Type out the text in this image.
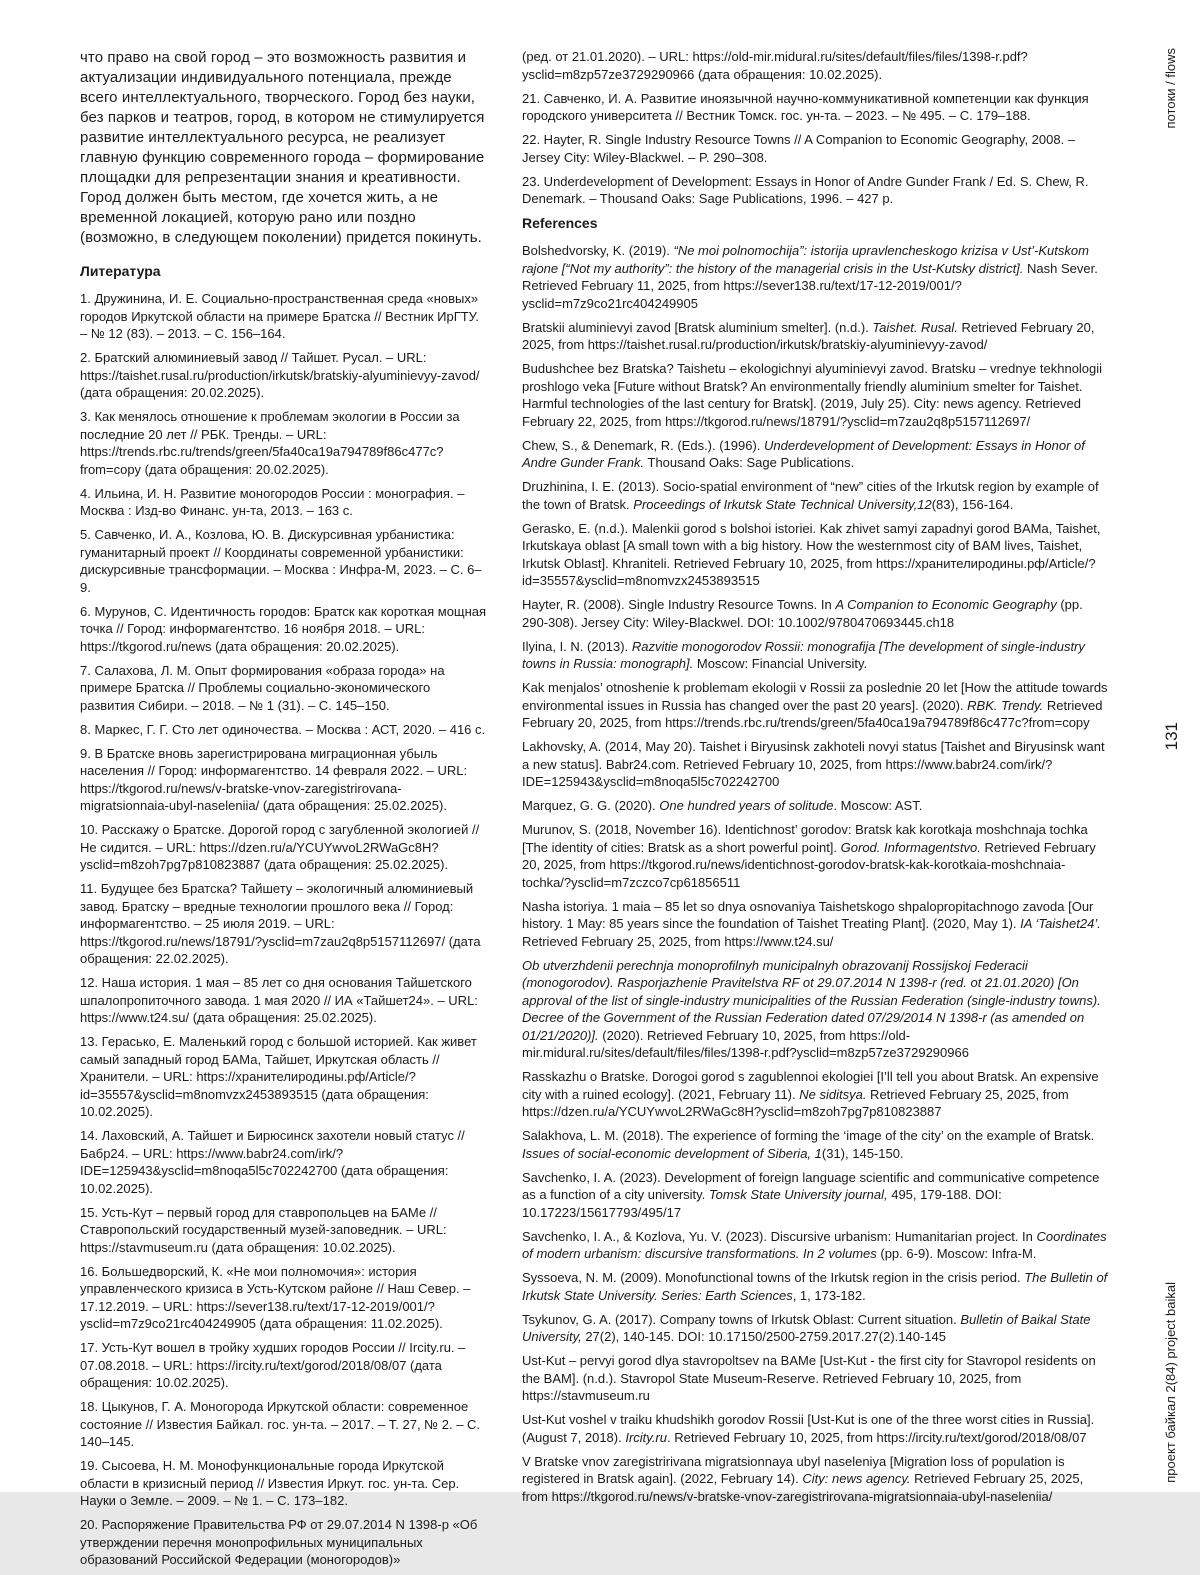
что право на свой город – это возможность развития и актуализации индивидуального потенциала, прежде всего интеллектуального, творческого. Город без науки, без парков и театров, город, в котором не стимулируется развитие интеллектуального ресурса, не реализует главную функцию современного города – формирование площадки для репрезентации знания и креативности. Город должен быть местом, где хочется жить, а не временной локацией, которую рано или поздно (возможно, в следующем поколении) придется покинуть.

Литература

1. Дружинина, И. Е. Социально-пространственная среда «новых» городов Иркутской области на примере Братска // Вестник ИрГТУ. – № 12 (83). – 2013. – С. 156–164.

2. Братский алюминиевый завод // Тайшет. Русал. – URL: https://taishet.rusal.ru/production/irkutsk/bratskiy-alyuminievyy-zavod/ (дата обращения: 20.02.2025).

3. Как менялось отношение к проблемам экологии в России за последние 20 лет // РБК. Тренды. – URL: https://trends.rbc.ru/trends/green/5fa40ca19a794789f86c477c?from=copy (дата обращения: 20.02.2025).

4. Ильина, И. Н. Развитие моногородов России : монография. – Москва : Изд-во Финанс. ун-та, 2013. – 163 с.

5. Савченко, И. А., Козлова, Ю. В. Дискурсивная урбанистика: гуманитарный проект // Координаты современной урбанистики: дискурсивные трансформации. – Москва : Инфра-М, 2023. – С. 6–9.

6. Мурунов, С. Идентичность городов: Братск как короткая мощная точка // Город: информагентство. 16 ноября 2018. – URL: https://tkgorod.ru/news (дата обращения: 20.02.2025).

7. Салахова, Л. М. Опыт формирования «образа города» на примере Братска // Проблемы социально-экономического развития Сибири. – 2018. – № 1 (31). – С. 145–150.

8. Маркес, Г. Г. Сто лет одиночества. – Москва : АСТ, 2020. – 416 с.

9. В Братске вновь зарегистрирована миграционная убыль населения // Город: информагентство. 14 февраля 2022. – URL: https://tkgorod.ru/news/v-bratske-vnov-zaregistrirovana-migratsionnaia-ubyl-naseleniia/ (дата обращения: 25.02.2025).

10. Расскажу о Братске. Дорогой город с загубленной экологией // Не сидится. – URL: https://dzen.ru/a/YCUYwvoL2RWaGc8H?ysclid=m8zoh7pg7p810823887 (дата обращения: 25.02.2025).

11. Будущее без Братска? Тайшету – экологичный алюминиевый завод. Братску – вредные технологии прошлого века // Город: информагентство. – 25 июля 2019. – URL: https://tkgorod.ru/news/18791/?ysclid=m7zau2q8p5157112697/ (дата обращения: 22.02.2025).

12. Наша история. 1 мая – 85 лет со дня основания Тайшетского шпалопропиточного завода. 1 мая 2020 // ИА «Тайшет24». – URL: https://www.t24.su/ (дата обращения: 25.02.2025).

13. Герасько, Е. Маленький город с большой историей. Как живет самый западный город БАМа, Тайшет, Иркутская область // Хранители. – URL: https://хранителиродины.рф/Article/?id=35557&ysclid=m8nomvzx2453893515 (дата обращения: 10.02.2025).

14. Лаховский, А. Тайшет и Бирюсинск захотели новый статус // Бабр24. – URL: https://www.babr24.com/irk/?IDE=125943&ysclid=m8noqa5l5c702242700 (дата обращения: 10.02.2025).

15. Усть-Кут – первый город для ставропольцев на БАМе // Ставропольский государственный музей-заповедник. – URL: https://stavmuseum.ru (дата обращения: 10.02.2025).

16. Большедворский, К. «Не мои полномочия»: история управленческого кризиса в Усть-Кутском районе // Наш Север. – 17.12.2019. – URL: https://sever138.ru/text/17-12-2019/001/?ysclid=m7z9co21rc404249905 (дата обращения: 11.02.2025).

17. Усть-Кут вошел в тройку худших городов России // Ircity.ru. – 07.08.2018. – URL: https://ircity.ru/text/gorod/2018/08/07 (дата обращения: 10.02.2025).

18. Цыкунов, Г. А. Моногорода Иркутской области: современное состояние // Известия Байкал. гос. ун-та. – 2017. – Т. 27, № 2. – С. 140–145.

19. Сысоева, Н. М. Монофункциональные города Иркутской области в кризисный период // Известия Иркут. гос. ун-та. Сер. Науки о Земле. – 2009. – № 1. – С. 173–182.

20. Распоряжение Правительства РФ от 29.07.2014 N 1398-р «Об утверждении перечня монопрофильных муниципальных образований Российской Федерации (моногородов)»

(ред. от 21.01.2020). – URL: https://old-mir.midural.ru/sites/default/files/files/1398-r.pdf?ysclid=m8zp57ze3729290966 (дата обращения: 10.02.2025).

21. Савченко, И. А. Развитие иноязычной научно-коммуникативной компетенции как функция городского университета // Вестник Томск. гос. ун-та. – 2023. – № 495. – С. 179–188.

22. Hayter, R. Single Industry Resource Towns // A Companion to Economic Geography, 2008. – Jersey City: Wiley-Blackwel. – P. 290–308.

23. Underdevelopment of Development: Essays in Honor of Andre Gunder Frank / Ed. S. Chew, R. Denemark. – Thousand Oaks: Sage Publications, 1996. – 427 p.

References

Bolshedvorsky, K. (2019). “Ne moi polnomochija”: istorija upravlencheskogo krizisa v Ust’-Kutskom rajone [“Not my authority”: the history of the managerial crisis in the Ust-Kutsky district]. Nash Sever. Retrieved February 11, 2025, from https://sever138.ru/text/17-12-2019/001/?ysclid=m7z9co21rc404249905

Bratskii aluminievyi zavod [Bratsk aluminium smelter]. (n.d.). Taishet. Rusal. Retrieved February 20, 2025, from https://taishet.rusal.ru/production/irkutsk/bratskiy-alyuminievyy-zavod/

Budushchee bez Bratska? Taishetu – ekologichnyi alyuminievyi zavod. Bratsku – vrednye tekhnologii proshlogo veka [Future without Bratsk? An environmentally friendly aluminium smelter for Taishet. Harmful technologies of the last century for Bratsk]. (2019, July 25). City: news agency. Retrieved February 22, 2025, from https://tkgorod.ru/news/18791/?ysclid=m7zau2q8p5157112697/

Chew, S., & Denemark, R. (Eds.). (1996). Underdevelopment of Development: Essays in Honor of Andre Gunder Frank. Thousand Oaks: Sage Publications.

Druzhinina, I. E. (2013). Socio-spatial environment of “new” cities of the Irkutsk region by example of the town of Bratsk. Proceedings of Irkutsk State Technical University,12(83), 156-164.

Gerasko, E. (n.d.). Malenkii gorod s bolshoi istoriei. Kak zhivet samyi zapadnyi gorod BAMa, Taishet, Irkutskaya oblast [A small town with a big history. How the westernmost city of BAM lives, Taishet, Irkutsk Oblast]. Khraniteli. Retrieved February 10, 2025, from https://хранителиродины.рф/Article/?id=35557&ysclid=m8nomvzx2453893515

Hayter, R. (2008). Single Industry Resource Towns. In A Companion to Economic Geography (pp. 290-308). Jersey City: Wiley-Blackwel. DOI: 10.1002/9780470693445.ch18

Ilyina, I. N. (2013). Razvitie monogorodov Rossii: monografija [The development of single-industry towns in Russia: monograph]. Moscow: Financial University.

Kak menjalos’ otnoshenie k problemam ekologii v Rossii za poslednie 20 let [How the attitude towards environmental issues in Russia has changed over the past 20 years]. (2020). RBK. Trendy. Retrieved February 20, 2025, from https://trends.rbc.ru/trends/green/5fa40ca19a794789f86c477c?from=copy

Lakhovsky, A. (2014, May 20). Taishet i Biryusinsk zakhoteli novyi status [Taishet and Biryusinsk want a new status]. Babr24.com. Retrieved February 10, 2025, from https://www.babr24.com/irk/?IDE=125943&ysclid=m8noqa5l5c702242700

Marquez, G. G. (2020). One hundred years of solitude. Moscow: AST.

Murunov, S. (2018, November 16). Identichnost’ gorodov: Bratsk kak korotkaja moshchnaja tochka [The identity of cities: Bratsk as a short powerful point]. Gorod. Informagentstvo. Retrieved February 20, 2025, from https://tkgorod.ru/news/identichnost-gorodov-bratsk-kak-korotkaia-moshchnaia-tochka/?ysclid=m7zczco7cp61856511

Nasha istoriya. 1 maia – 85 let so dnya osnovaniya Taishetskogo shpalopropitachnogo zavoda [Our history. 1 May: 85 years since the foundation of Taishet Treating Plant]. (2020, May 1). IA ‘Taishet24’. Retrieved February 25, 2025, from https://www.t24.su/

Ob utverzhdenii perechnja monoprofilnyh municipalnyh obrazovanij Rossijskoj Federacii (monogorodov). Rasporjazhenie Pravitelstva RF ot 29.07.2014 N 1398-r (red. ot 21.01.2020) [On approval of the list of single-industry municipalities of the Russian Federation (single-industry towns). Decree of the Government of the Russian Federation dated 07/29/2014 N 1398-r (as amended on 01/21/2020)]. (2020). Retrieved February 10, 2025, from https://old-mir.midural.ru/sites/default/files/files/1398-r.pdf?ysclid=m8zp57ze3729290966

Rasskazhu o Bratske. Dorogoi gorod s zagublennoi ekologiei [I’ll tell you about Bratsk. An expensive city with a ruined ecology]. (2021, February 11). Ne siditsya. Retrieved February 25, 2025, from https://dzen.ru/a/YCUYwvoL2RWaGc8H?ysclid=m8zoh7pg7p810823887

Salakhova, L. M. (2018). The experience of forming the ‘image of the city’ on the example of Bratsk. Issues of social-economic development of Siberia, 1(31), 145-150.

Savchenko, I. A. (2023). Development of foreign language scientific and communicative competence as a function of a city university. Tomsk State University journal, 495, 179-188. DOI: 10.17223/15617793/495/17

Savchenko, I. A., & Kozlova, Yu. V. (2023). Discursive urbanism: Humanitarian project. In Coordinates of modern urbanism: discursive transformations. In 2 volumes (pp. 6-9). Moscow: Infra-M.

Syssoeva, N. M. (2009). Monofunctional towns of the Irkutsk region in the crisis period. The Bulletin of Irkutsk State University. Series: Earth Sciences, 1, 173-182.

Tsykunov, G. A. (2017). Company towns of Irkutsk Oblast: Current situation. Bulletin of Baikal State University, 27(2), 140-145. DOI: 10.17150/2500-2759.2017.27(2).140-145

Ust-Kut – pervyi gorod dlya stavropoltsev na BAMe [Ust-Kut - the first city for Stavropol residents on the BAM]. (n.d.). Stavropol State Museum-Reserve. Retrieved February 10, 2025, from https://stavmuseum.ru

Ust-Kut voshel v traiku khudshikh gorodov Rossii [Ust-Kut is one of the three worst cities in Russia]. (August 7, 2018). Ircity.ru. Retrieved February 10, 2025, from https://ircity.ru/text/gorod/2018/08/07

V Bratske vnov zaregistririvana migratsionnaya ubyl naseleniya [Migration loss of population is registered in Bratsk again]. (2022, February 14). City: news agency. Retrieved February 25, 2025, from https://tkgorod.ru/news/v-bratske-vnov-zaregistrirovana-migratsionnaia-ubyl-naseleniia/

потоки / flows
131
проект байкал 2(84) project baikal
